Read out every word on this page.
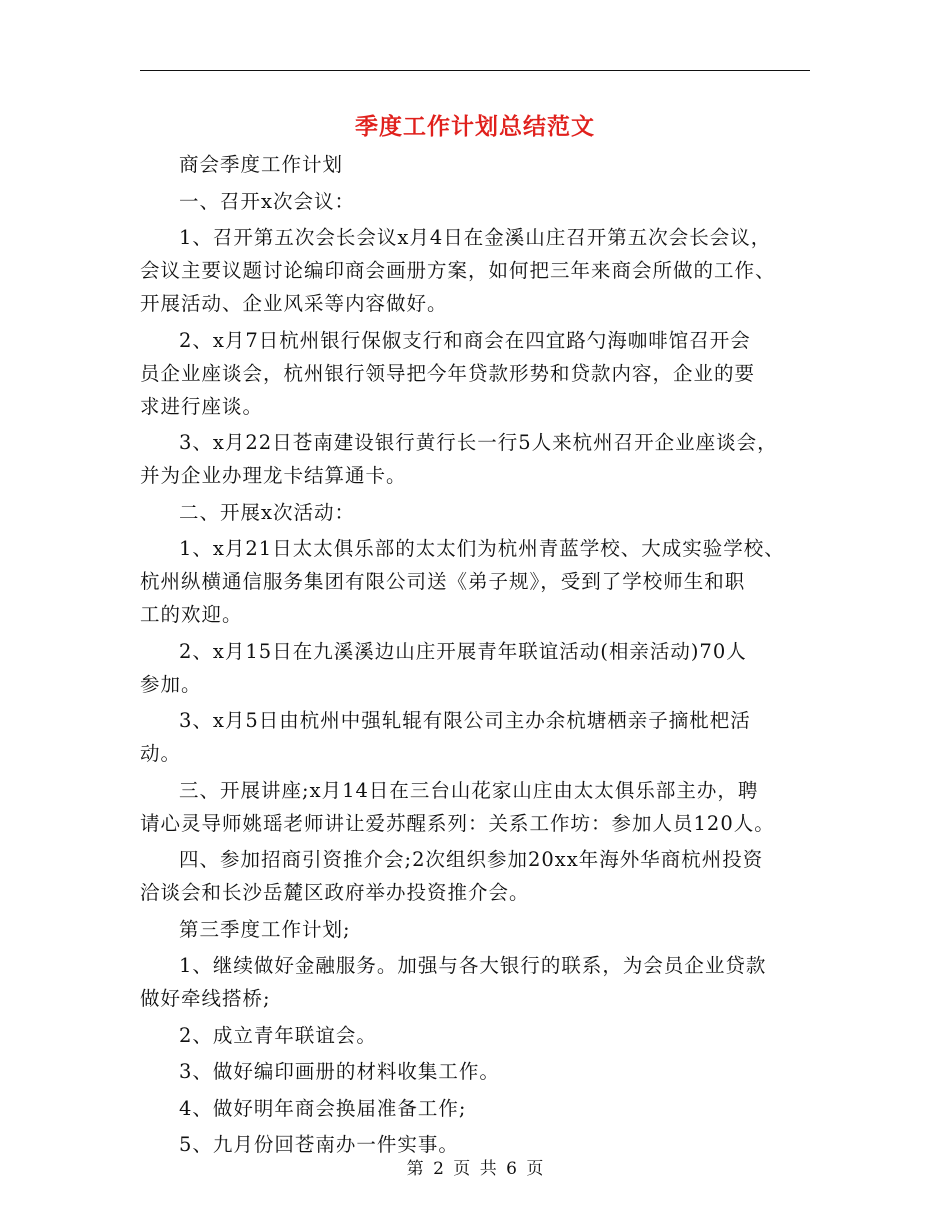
季度工作计划总结范文
商会季度工作计划
一、召开x次会议：
1、召开第五次会长会议x月4日在金溪山庄召开第五次会长会议，
会议主要议题讨论编印商会画册方案，如何把三年来商会所做的工作、
开展活动、企业风采等内容做好。
2、x月7日杭州银行保俶支行和商会在四宜路勺海咖啡馆召开会
员企业座谈会，杭州银行领导把今年贷款形势和贷款内容，企业的要
求进行座谈。
3、x月22日苍南建设银行黄行长一行5人来杭州召开企业座谈会，
并为企业办理龙卡结算通卡。
二、开展x次活动：
1、x月21日太太俱乐部的太太们为杭州青蓝学校、大成实验学校、
杭州纵横通信服务集团有限公司送《弟子规》，受到了学校师生和职
工的欢迎。
2、x月15日在九溪溪边山庄开展青年联谊活动(相亲活动)70人
参加。
3、x月5日由杭州中强轧辊有限公司主办余杭塘栖亲子摘枇杷活
动。
三、开展讲座;x月14日在三台山花家山庄由太太俱乐部主办，聘
请心灵导师姚瑶老师讲让爱苏醒系列：关系工作坊：参加人员120人。
四、参加招商引资推介会;2次组织参加20xx年海外华商杭州投资
洽谈会和长沙岳麓区政府举办投资推介会。
第三季度工作计划;
1、继续做好金融服务。加强与各大银行的联系，为会员企业贷款
做好牵线搭桥;
2、成立青年联谊会。
3、做好编印画册的材料收集工作。
4、做好明年商会换届准备工作;
5、九月份回苍南办一件实事。
第 2 页 共 6 页
